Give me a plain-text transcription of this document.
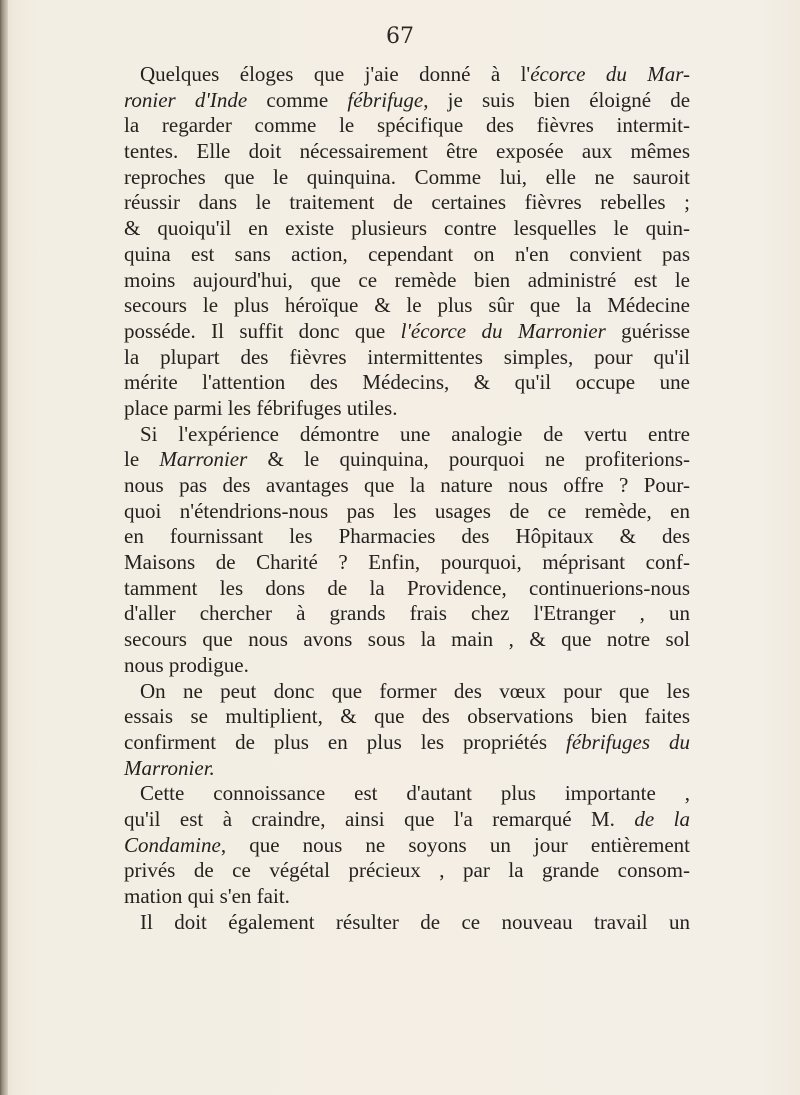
67
Quelques éloges que j'aie donné à l'écorce du Mar-
ronier d'Inde comme fébrifuge, je suis bien éloigné de
la regarder comme le spécifique des fièvres intermit-
tentes. Elle doit nécessairement être exposée aux mêmes
reproches que le quinquina. Comme lui, elle ne sauroit
réussir dans le traitement de certaines fièvres rebelles ;
& quoiqu'il en existe plusieurs contre lesquelles le quin-
quina est sans action, cependant on n'en convient pas
moins aujourd'hui, que ce remède bien administré est le
secours le plus héroïque & le plus sûr que la Médecine
posséde. Il suffit donc que l'écorce du Marronier guérisse
la plupart des fièvres intermittentes simples, pour qu'il
mérite l'attention des Médecins, & qu'il occupe une
place parmi les fébrifuges utiles.
Si l'expérience démontre une analogie de vertu entre
le Marronier & le quinquina, pourquoi ne profiterions-
nous pas des avantages que la nature nous offre ? Pour-
quoi n'étendrions-nous pas les usages de ce remède, en
en fournissant les Pharmacies des Hôpitaux & des
Maisons de Charité ? Enfin, pourquoi, méprisant conf-
tamment les dons de la Providence, continuerions-nous
d'aller chercher à grands frais chez l'Etranger , un
secours que nous avons sous la main , & que notre sol
nous prodigue.
On ne peut donc que former des vœux pour que les
essais se multiplient, & que des observations bien faites
confirment de plus en plus les propriétés fébrifuges du
Marronier.
Cette connoissance est d'autant plus importante ,
qu'il est à craindre, ainsi que l'a remarqué M. de la
Condamine, que nous ne soyons un jour entièrement
privés de ce végétal précieux , par la grande consom-
mation qui s'en fait.
Il doit également résulter de ce nouveau travail un
